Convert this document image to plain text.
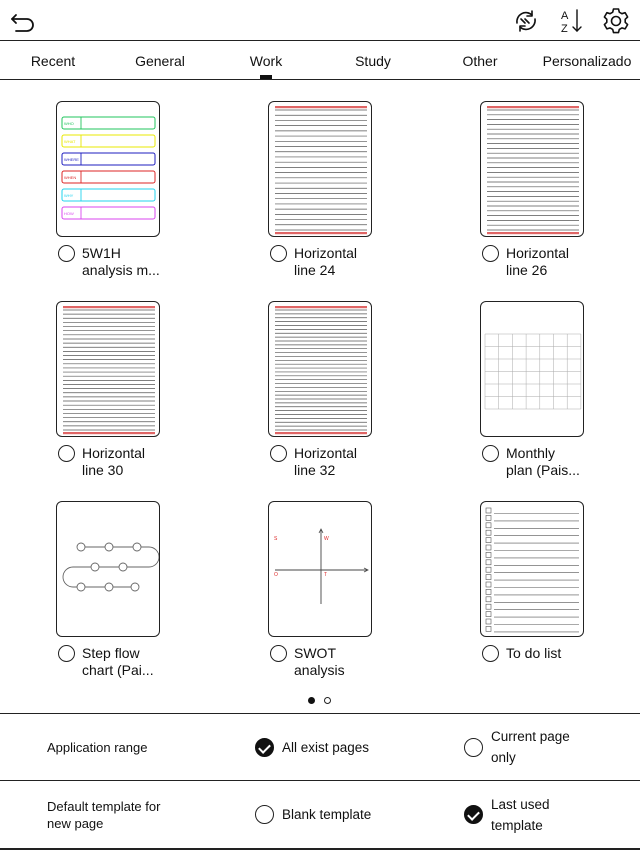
A
Z
Recent	General	Work	Study	Other	Personalizado
WHO
WHAT
WHERE
WHEN
WHY
HOW
5W1H
analysis m...
Horizontal
line 24
Horizontal
line 26
Horizontal
line 30
Horizontal
line 32
Monthly
plan (Pais...
Step flow
chart (Pai...
S	W
O	T
SWOT
analysis
To do list
Application range	All exist pages
Current page
only
Default template for
new page
Blank template
Last used
template
